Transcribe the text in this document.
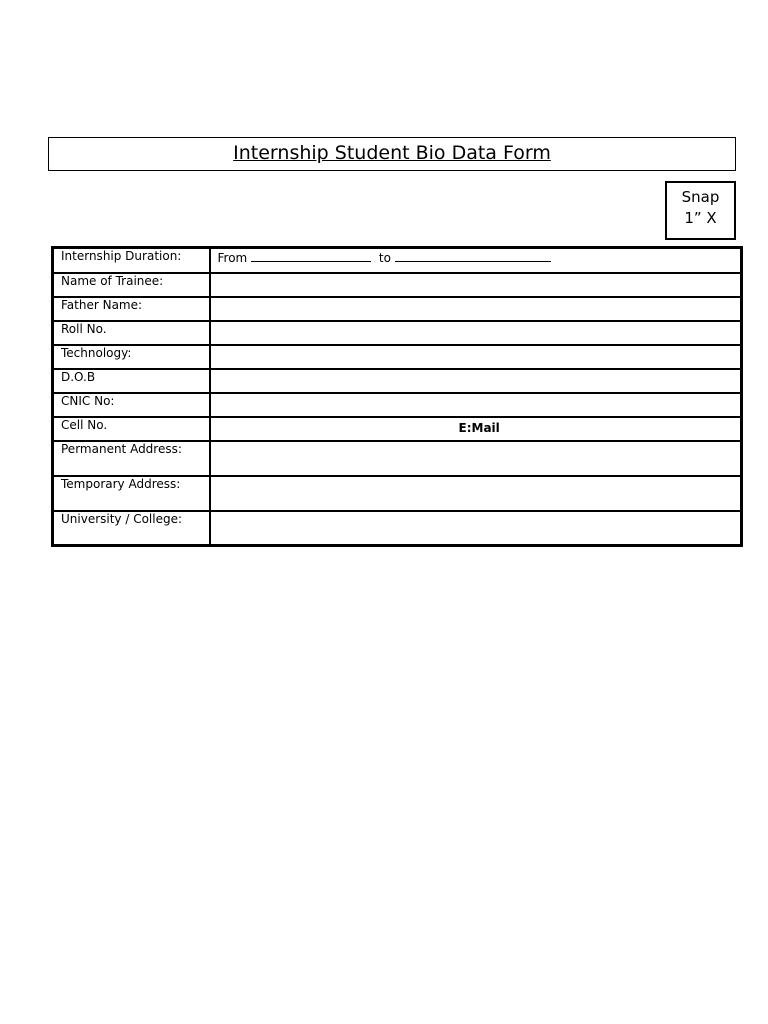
Internship Student Bio Data Form
Snap
1” X
Internship Duration:	From to
Name of Trainee:	
Father Name:	
Roll No.	
Technology:	
D.O.B	
CNIC No:	
Cell No.	E:Mail

Permanent Address:	
Temporary Address:	
University / College:	
